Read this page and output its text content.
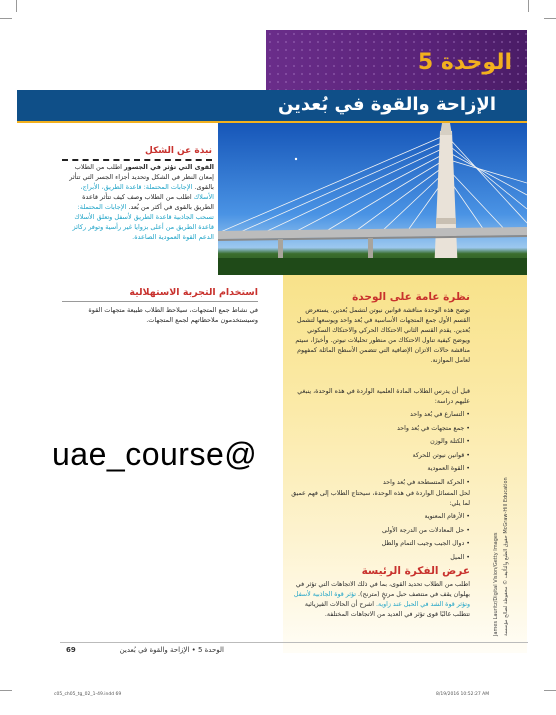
الوحدة 5
الإزاحة والقوة في بُعدين
نبذة عن الشكل
القوى التي تؤثر في الجسور اطلب من الطلاب إمعان النظر في الشكل وتحديد أجزاء الجسر التي تتأثر بالقوى. الإجابات المحتملة: قاعدة الطريق، الأبراج، الأسلاك اطلب من الطلاب وصف كيف تتأثر قاعدة الطريق بالقوى في أكثر من بُعد. الإجابات المحتملة: تسحب الجاذبية قاعدة الطريق لأسفل وتعلق الأسلاك قاعدة الطريق من أعلى بزوايا غير رأسية وتوفر ركائز الدعم القوة العمودية الصاعدة.
استخدام التجربة الاستهلالية
في نشاط جمع المتجهات، سيلاحظ الطلاب طبيعة متجهات القوة وسيستخدمون ملاحظاتهم لجمع المتجهات.
uae_course@
نظرة عامة على الوحدة
توضح هذه الوحدة مناقشة قوانين نيوتن لتشمل بُعدين. يستعرض القسم الأول جمع المتجهات الأساسية في بُعد واحد ويوسعها لتشمل بُعدين. يقدم القسم الثاني الاحتكاك الحركي والاحتكاك السكوني ويوضح كيفية تناول الاحتكاك من منظور تحليلات نيوتن. وأخيرًا، سيتم مناقشة حالات الاتزان الإضافية التي تتضمن الأسطح المائلة كمفهوم لعامل الموازنة.
قبل أن يدرس الطلاب المادة العلمية الواردة في هذه الوحدة، ينبغي عليهم دراسة:
• التسارع في بُعد واحد
• جمع متجهات في بُعد واحد
• الكتلة والوزن
• قوانين نيوتن للحركة
• القوة العمودية
• الحركة المتسطحة في بُعد واحد
لحل المسائل الواردة في هذه الوحدة، سيحتاج الطلاب إلى فهم عميق لما يلي:
• الأرقام المعنوية
• حل المعادلات من الدرجة الأولى
• دوال الجيب وجيب التمام والظل
• الميل
عرض الفكرة الرئيسة
اطلب من الطلاب تحديد القوى، بما في ذلك الاتجاهات التي تؤثر في بهلوان يقف في منتصف حبل مرتخٍ (مترنح). تؤثر قوة الجاذبية لأسفل وتؤثر قوة الشد في الحبل عند زاوية. اشرح أن الحالات الفيزيائية تتطلب غالبًا قوى تؤثر في العديد من الاتجاهات المختلفة.	حقوق الطبع والتأليف © محفوظة لصالح مؤسسة McGraw-Hill Education
James Lauritz/Digital Vision/Getty Images
69	الوحدة 5 • الإزاحة والقوة في بُعدين
c05_ch05_tg_02_1-49.indd 69	8/19/2016 10:52:27 AM
